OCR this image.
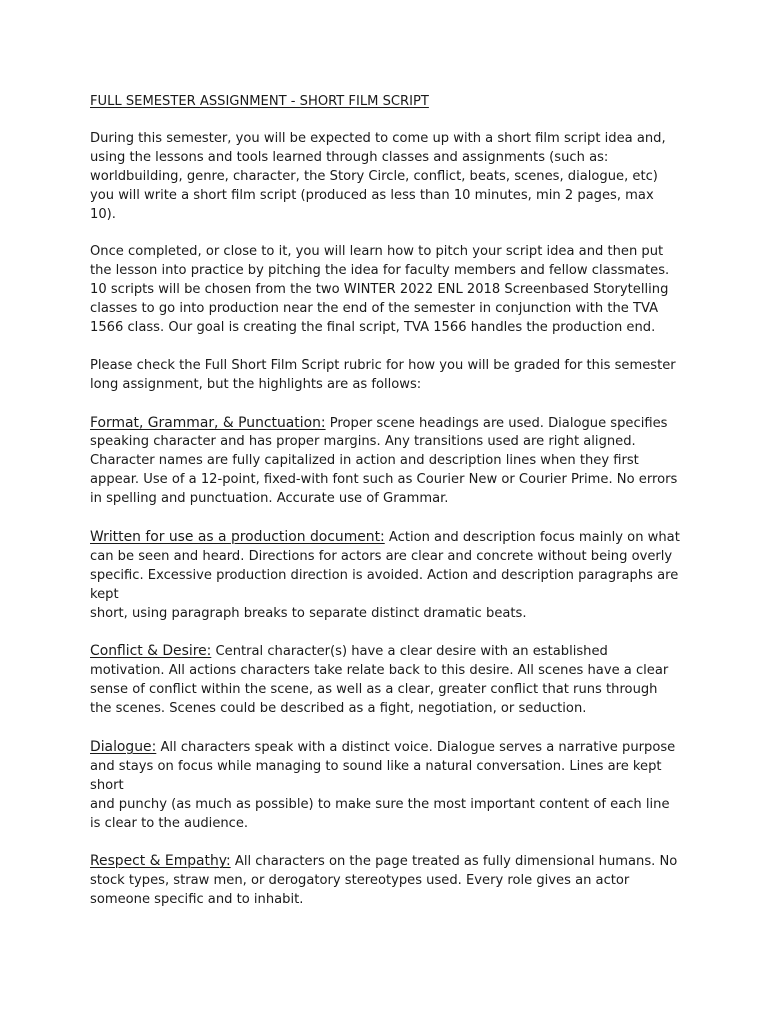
FULL SEMESTER ASSIGNMENT - SHORT FILM SCRIPT

During this semester, you will be expected to come up with a short film script idea and, using the lessons and tools learned through classes and assignments (such as: worldbuilding, genre, character, the Story Circle, conflict, beats, scenes, dialogue, etc) you will write a short film script (produced as less than 10 minutes, min 2 pages, max 10).

Once completed, or close to it, you will learn how to pitch your script idea and then put the lesson into practice by pitching the idea for faculty members and fellow classmates. 10 scripts will be chosen from the two WINTER 2022 ENL 2018 Screenbased Storytelling classes to go into production near the end of the semester in conjunction with the TVA 1566 class. Our goal is creating the final script, TVA 1566 handles the production end.

Please check the Full Short Film Script rubric for how you will be graded for this semester long assignment, but the highlights are as follows:

Format, Grammar, & Punctuation: Proper scene headings are used. Dialogue specifies speaking character and has proper margins. Any transitions used are right aligned. Character names are fully capitalized in action and description lines when they first appear. Use of a 12-point, fixed-with font such as Courier New or Courier Prime. No errors in spelling and punctuation. Accurate use of Grammar.

Written for use as a production document: Action and description focus mainly on what can be seen and heard. Directions for actors are clear and concrete without being overly specific. Excessive production direction is avoided. Action and description paragraphs are kept
short, using paragraph breaks to separate distinct dramatic beats.

Conflict & Desire: Central character(s) have a clear desire with an established motivation. All actions characters take relate back to this desire. All scenes have a clear sense of conflict within the scene, as well as a clear, greater conflict that runs through the scenes. Scenes could be described as a fight, negotiation, or seduction.

Dialogue: All characters speak with a distinct voice. Dialogue serves a narrative purpose and stays on focus while managing to sound like a natural conversation. Lines are kept short
and punchy (as much as possible) to make sure the most important content of each line is clear to the audience.

Respect & Empathy: All characters on the page treated as fully dimensional humans. No stock types, straw men, or derogatory stereotypes used. Every role gives an actor someone specific and to inhabit.
